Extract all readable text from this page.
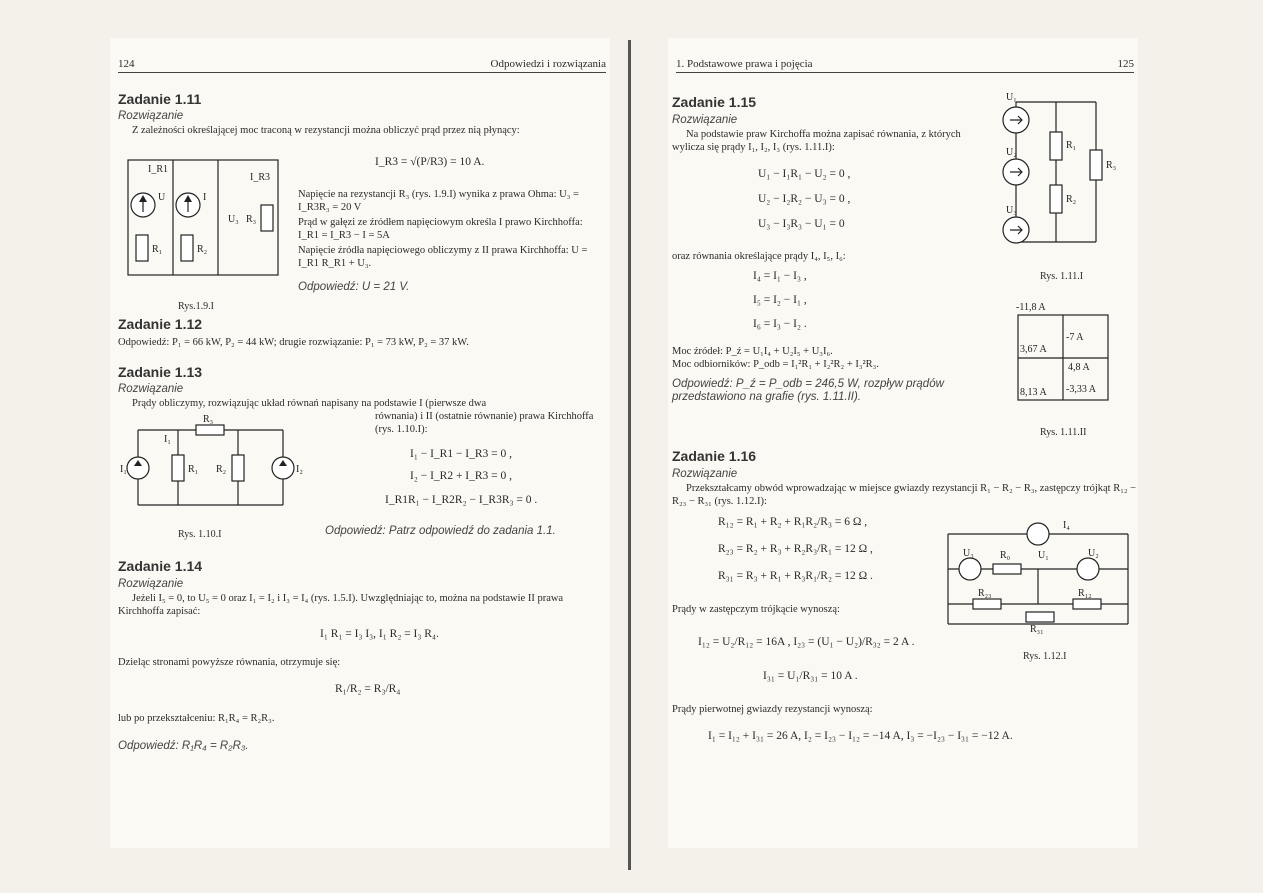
124	Odpowiedzi i rozwiązania
Zadanie 1.11
Rozwiązanie
Z zależności określającej moc traconą w rezystancji można obliczyć prąd przez nią płynący:
U	I
R₁	R₂
U₃ R₃
I_R1
I_R3
Rys.1.9.I
I_R3 = √(P/R3) = 10 A.
Napięcie na rezystancji R₃ (rys. 1.9.I) wynika z prawa Ohma: U₃ = I_R3R₃ = 20 V
Prąd w gałęzi ze źródłem napięciowym określa I prawo Kirchhoffa: I_R1 = I_R3 − I = 5A
Napięcie źródła napięciowego obliczymy z II prawa Kirchhoffa: U = I_R1 R_R1 + U₃.
Odpowiedź: U = 21 V.
Zadanie 1.12
Odpowiedź: P₁ = 66 kW, P₂ = 44 kW; drugie rozwiązanie: P₁ = 73 kW, P₂ = 37 kW.
Zadanie 1.13
Rozwiązanie
Prądy obliczymy, rozwiązując układ równań napisany na podstawie I (pierwsze dwa
równania) i II (ostatnie równanie) prawa Kirchhoffa
(rys. 1.10.I):
I₁	I₂
R₁ R₂
R₃
I₁
Rys. 1.10.I
I₁ − I_R1 − I_R3 = 0 ,
I₂ − I_R2 + I_R3 = 0 ,
I_R1R₁ − I_R2R₂ − I_R3R₃ = 0 .
Odpowiedź: Patrz odpowiedź do zadania 1.1.
Zadanie 1.14
Rozwiązanie
Jeżeli I₅ = 0, to U₅ = 0 oraz I₁ = I₂ i I₃ = I₄ (rys. 1.5.I). Uwzględniając to, można na podstawie II prawa Kirchhoffa zapisać:
I₁ R₁ = I₃ I₃, I₁ R₂ = I₃ R₄.
Dzieląc stronami powyższe równania, otrzymuje się:
R₁/R₂ = R₃/R₄
lub po przekształceniu: R₁R₄ = R₂R₃.
Odpowiedź: R₁R₄ = R₂R₃.
1. Podstawowe prawa i pojęcia	125
Zadanie 1.15
Rozwiązanie
Na podstawie praw Kirchoffa można zapisać równania, z których wylicza się prądy I₁, I₂, I₃ (rys. 1.11.I):
U₁ − I₁R₁ − U₂ = 0 ,
U₂ − I₂R₂ − U₃ = 0 ,
U₃ − I₃R₃ − U₁ = 0
oraz równania określające prądy I₄, I₅, I₆:
I₄ = I₁ − I₃ ,
I₅ = I₂ − I₁ ,
I₆ = I₃ − I₂ .
Moc źródeł: P_ź = U₁I₄ + U₂I₅ + U₃I₆.
Moc odbiorników: P_odb = I₁²R₁ + I₂²R₂ + I₃²R₃.
Odpowiedź: P_ź = P_odb = 246,5 W, rozpływ prądów przedstawiono na grafie (rys. 1.11.II).
U₁
U₂
U₃
R₁
R₂
R₃
Rys. 1.11.I
-11,8 A
3,67 A
-7 A
4,8 A
-3,33 A
8,13 A
Rys. 1.11.II
Zadanie 1.16
Rozwiązanie
Przekształcamy obwód wprowadzając w miejsce gwiazdy rezystancji R₁ − R₂ − R₃, zastępczy trójkąt R₁₂ − R₂₃ − R₃₁ (rys. 1.12.I):
R₁₂ = R₁ + R₂ + R₁R₂/R₃ = 6 Ω ,
R₂₃ = R₂ + R₃ + R₂R₃/R₁ = 12 Ω ,
R₃₁ = R₃ + R₁ + R₃R₁/R₂ = 12 Ω .
I₄
U₃	R₀	U₁	U₂
R₂₃
R₃₁
R₁₂
Rys. 1.12.I
Prądy w zastępczym trójkącie wynoszą:
I₁₂ = U₂/R₁₂ = 16A , I₂₃ = (U₁ − U₂)/R₃₂ = 2 A .
I₃₁ = U₁/R₃₁ = 10 A .
Prądy pierwotnej gwiazdy rezystancji wynoszą:
I₁ = I₁₂ + I₃₁ = 26 A, I₂ = I₂₃ − I₁₂ = −14 A, I₃ = −I₂₃ − I₃₁ = −12 A.
